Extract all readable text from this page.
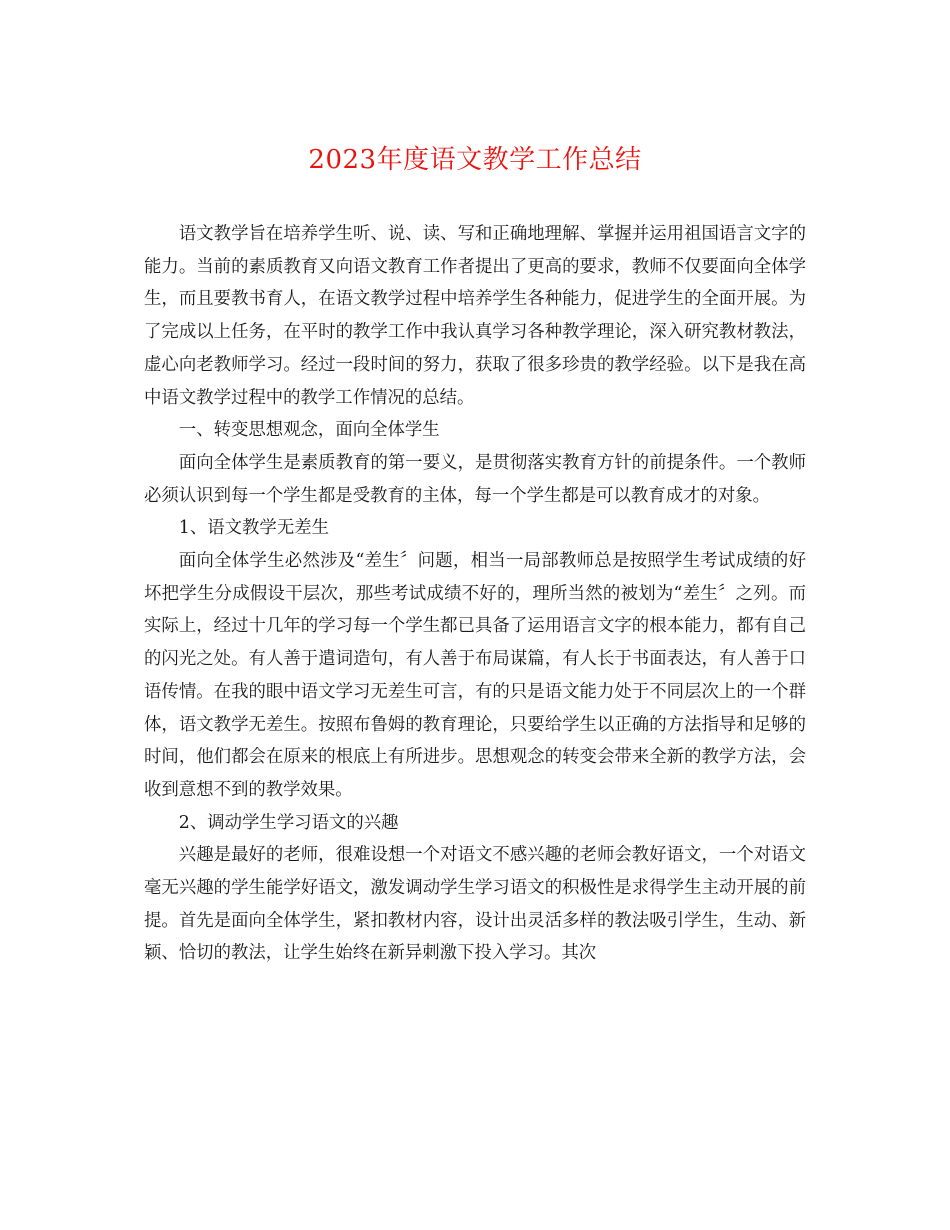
2023年度语文教学工作总结

语文教学旨在培养学生听、说、读、写和正确地理解、掌握并运用祖国语言文字的能力。当前的素质教育又向语文教育工作者提出了更高的要求，教师不仅要面向全体学生，而且要教书育人，在语文教学过程中培养学生各种能力，促进学生的全面开展。为了完成以上任务，在平时的教学工作中我认真学习各种教学理论，深入研究教材教法，虚心向老教师学习。经过一段时间的努力，获取了很多珍贵的教学经验。以下是我在高中语文教学过程中的教学工作情况的总结。

一、转变思想观念，面向全体学生

面向全体学生是素质教育的第一要义，是贯彻落实教育方针的前提条件。一个教师必须认识到每一个学生都是受教育的主体，每一个学生都是可以教育成才的对象。

1、语文教学无差生

面向全体学生必然涉及“差生〞问题，相当一局部教师总是按照学生考试成绩的好坏把学生分成假设干层次，那些考试成绩不好的，理所当然的被划为“差生〞之列。而实际上，经过十几年的学习每一个学生都已具备了运用语言文字的根本能力，都有自己的闪光之处。有人善于遣词造句，有人善于布局谋篇，有人长于书面表达，有人善于口语传情。在我的眼中语文学习无差生可言，有的只是语文能力处于不同层次上的一个群体，语文教学无差生。按照布鲁姆的教育理论，只要给学生以正确的方法指导和足够的时间，他们都会在原来的根底上有所进步。思想观念的转变会带来全新的教学方法，会收到意想不到的教学效果。

2、调动学生学习语文的兴趣

兴趣是最好的老师，很难设想一个对语文不感兴趣的老师会教好语文，一个对语文毫无兴趣的学生能学好语文，激发调动学生学习语文的积极性是求得学生主动开展的前提。首先是面向全体学生，紧扣教材内容，设计出灵活多样的教法吸引学生，生动、新颖、恰切的教法，让学生始终在新异刺激下投入学习。其次
